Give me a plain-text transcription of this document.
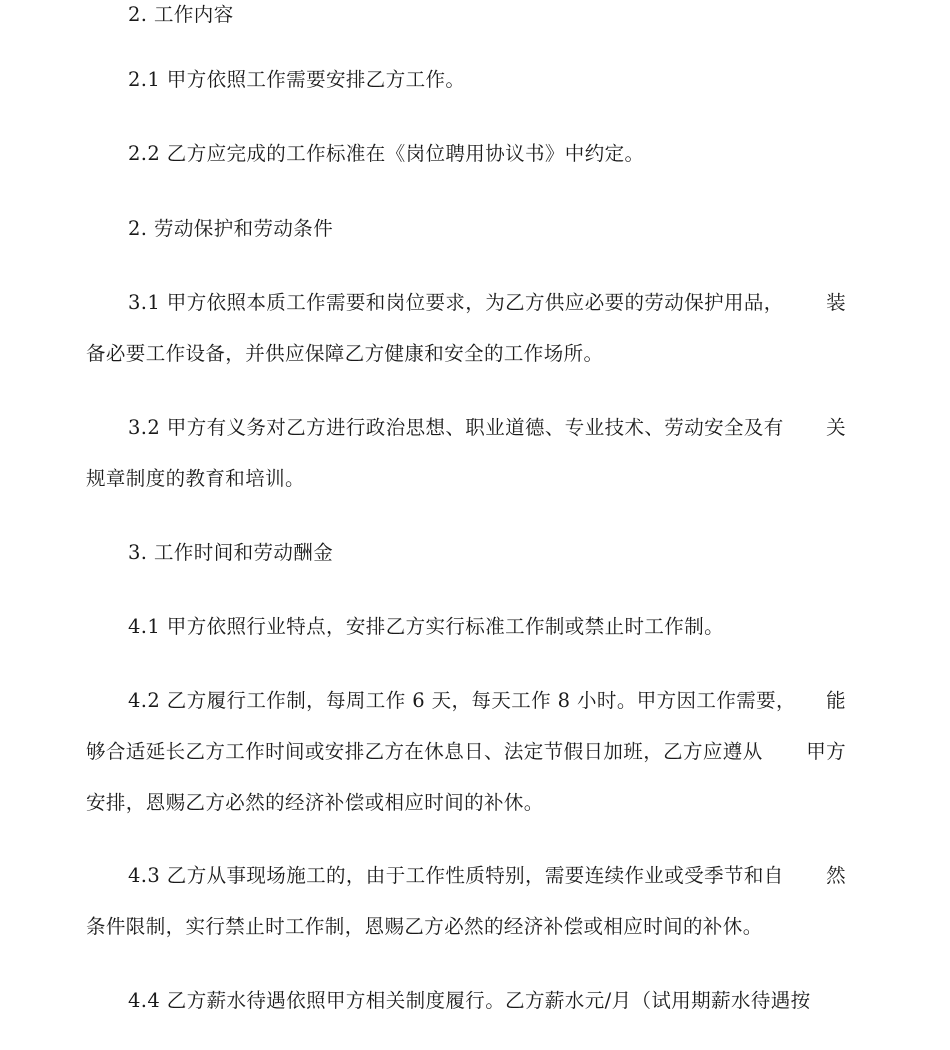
2. 工作内容
2.1 甲方依照工作需要安排乙方工作。
2.2 乙方应完成的工作标准在《岗位聘用协议书》中约定。
2. 劳动保护和劳动条件
3.1 甲方依照本质工作需要和岗位要求，为乙方供应必要的劳动保护用品， 装
备必要工作设备，并供应保障乙方健康和安全的工作场所。
3.2 甲方有义务对乙方进行政治思想、职业道德、专业技术、劳动安全及有 关
规章制度的教育和培训。
3. 工作时间和劳动酬金
4.1 甲方依照行业特点，安排乙方实行标准工作制或禁止时工作制。
4.2 乙方履行工作制，每周工作 6 天，每天工作 8 小时。甲方因工作需要， 能
够合适延长乙方工作时间或安排乙方在休息日、法定节假日加班，乙方应遵从 甲方
安排，恩赐乙方必然的经济补偿或相应时间的补休。
4.3 乙方从事现场施工的，由于工作性质特别，需要连续作业或受季节和自 然
条件限制，实行禁止时工作制，恩赐乙方必然的经济补偿或相应时间的补休。
4.4 乙方薪水待遇依照甲方相关制度履行。乙方薪水元/月（试用期薪水待遇按
